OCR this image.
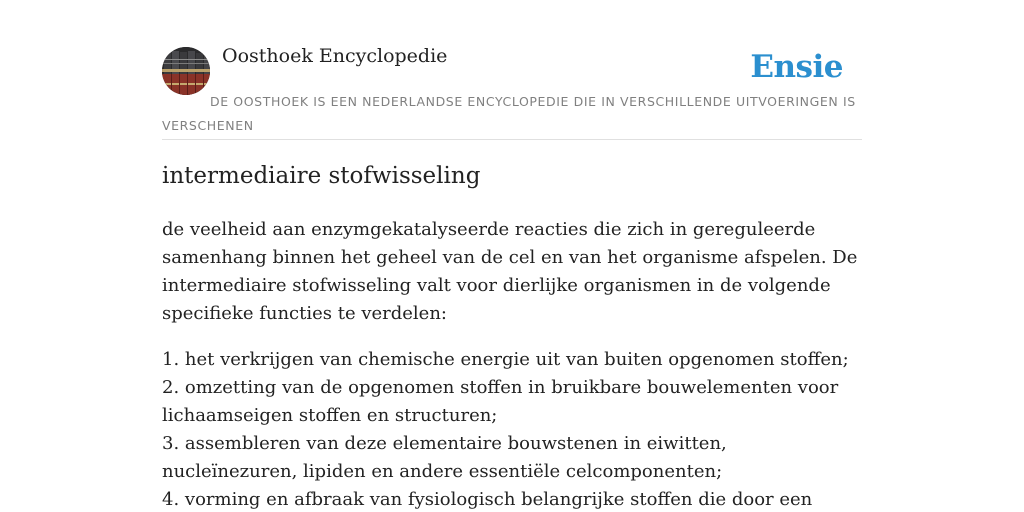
Oosthoek Encyclopedie	Ensie

DE OOSTHOEK IS EEN NEDERLANDSE ENCYCLOPEDIE DIE IN VERSCHILLENDE UITVOERINGEN IS VERSCHENEN

intermediaire stofwisseling

de veelheid aan enzymgekatalyseerde reacties die zich in gereguleerde samenhang binnen het geheel van de cel en van het organisme afspelen. De intermediaire stofwisseling valt voor dierlijke organismen in de volgende specifieke functies te verdelen:

1. het verkrijgen van chemische energie uit van buiten opgenomen stoffen;
2. omzetting van de opgenomen stoffen in bruikbare bouwelementen voor lichaamseigen stoffen en structuren;
3. assembleren van deze elementaire bouwstenen in eiwitten, nucleïnezuren, lipiden en andere essentiële celcomponenten;
4. vorming en afbraak van fysiologisch belangrijke stoffen die door een
